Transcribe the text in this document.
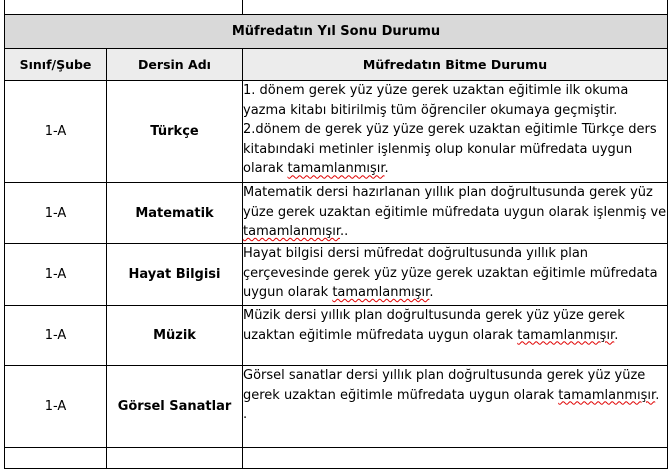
Müfredatın Yıl Sonu Durumu		
Sınıf/Şube	Dersin Adı	Müfredatın Bitme Durumu
1-A	Türkçe	1. dönem gerek yüz yüze gerek uzaktan eğitimle ilk okuma yazma kitabı bitirilmiş tüm öğrenciler okumaya geçmiştir. 2.dönem de gerek yüz yüze gerek uzaktan eğitimle Türkçe ders kitabındaki metinler işlenmiş olup konular müfredata uygun olarak tamamlanmışır.
1-A	Matematik	Matematik dersi hazırlanan yıllık plan doğrultusunda gerek yüz yüze gerek uzaktan eğitimle müfredata uygun olarak işlenmiş ve tamamlanmışır..
1-A	Hayat Bilgisi	Hayat bilgisi dersi müfredat doğrultusunda yıllık plan çerçevesinde gerek yüz yüze gerek uzaktan eğitimle müfredata uygun olarak tamamlanmışır.
1-A	Müzik	Müzik dersi yıllık plan doğrultusunda gerek yüz yüze gerek uzaktan eğitimle müfredata uygun olarak tamamlanmışır.
1-A	Görsel Sanatlar	Görsel sanatlar dersi yıllık plan doğrultusunda gerek yüz yüze gerek uzaktan eğitimle müfredata uygun olarak tamamlanmışır.
.
